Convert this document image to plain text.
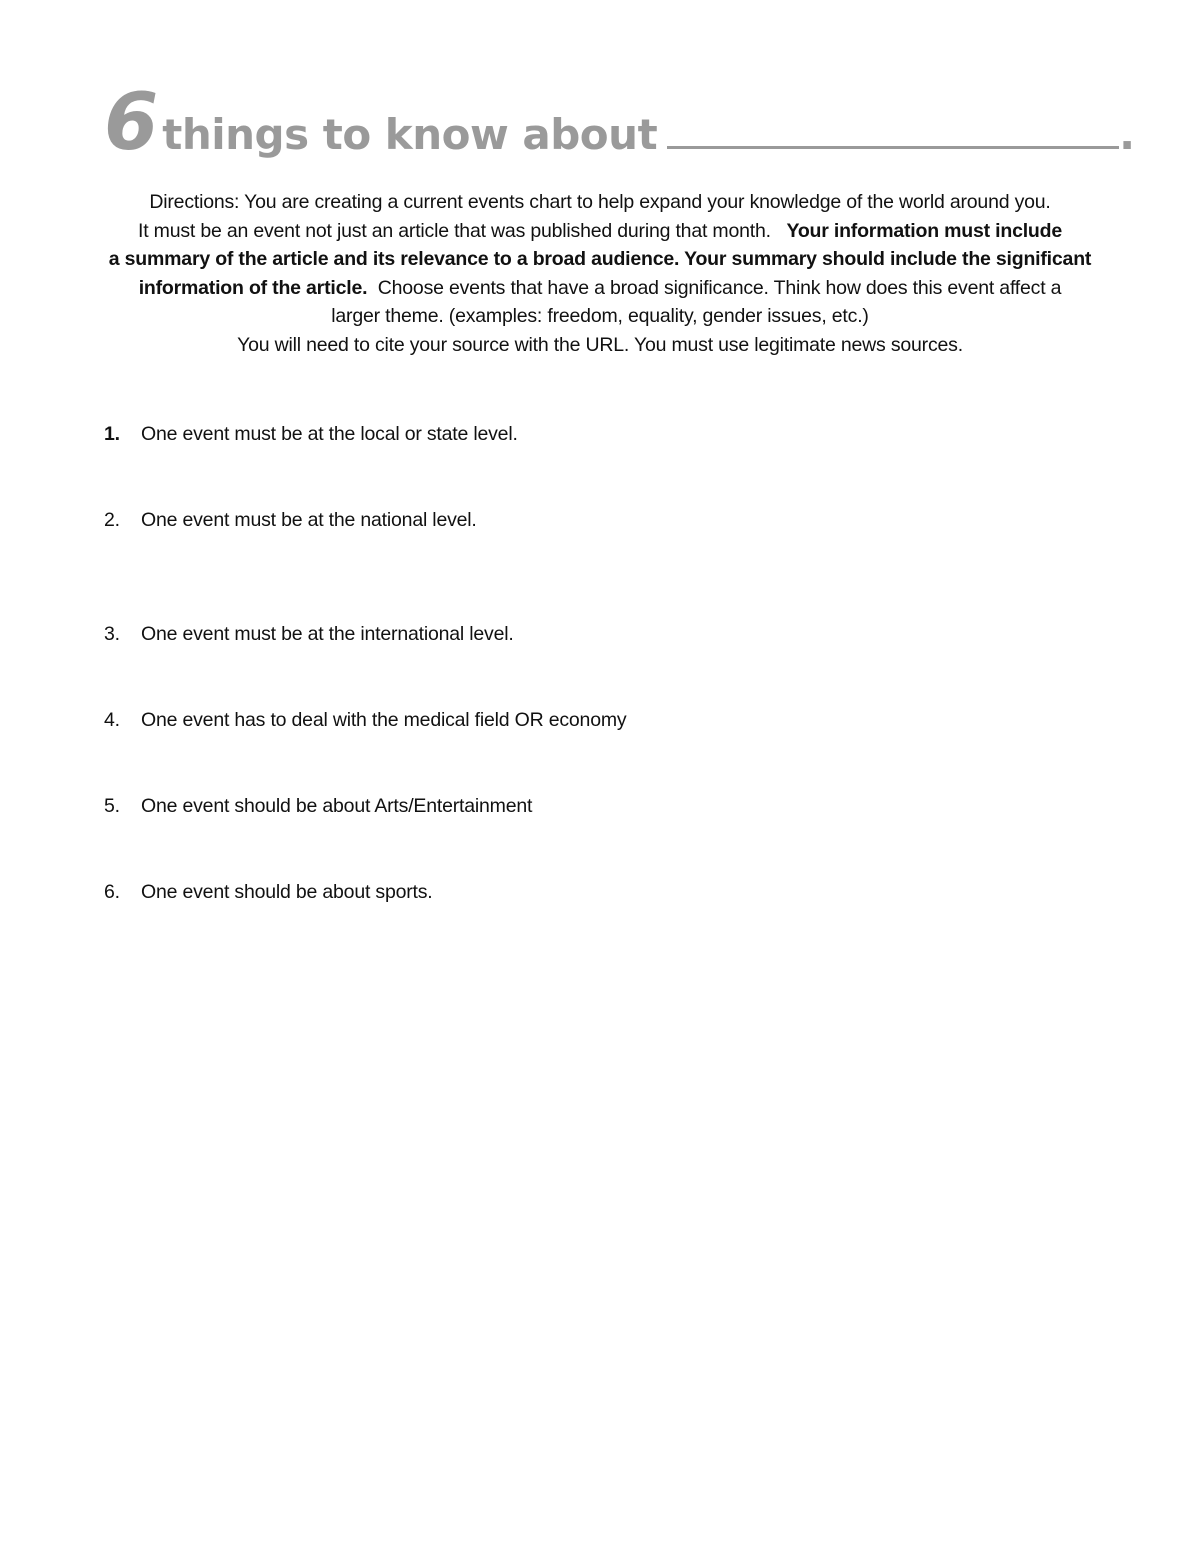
6 things to know about	.
Directions: You are creating a current events chart to help expand your knowledge of the world around you.
It must be an event not just an article that was published during that month. Your information must include
a summary of the article and its relevance to a broad audience. Your summary should include the significant
information of the article. Choose events that have a broad significance. Think how does this event affect a
larger theme. (examples: freedom, equality, gender issues, etc.)
You will need to cite your source with the URL. You must use legitimate news sources.
1. One event must be at the local or state level.
2. One event must be at the national level.
3. One event must be at the international level.
4. One event has to deal with the medical field OR economy
5. One event should be about Arts/Entertainment
6. One event should be about sports.
